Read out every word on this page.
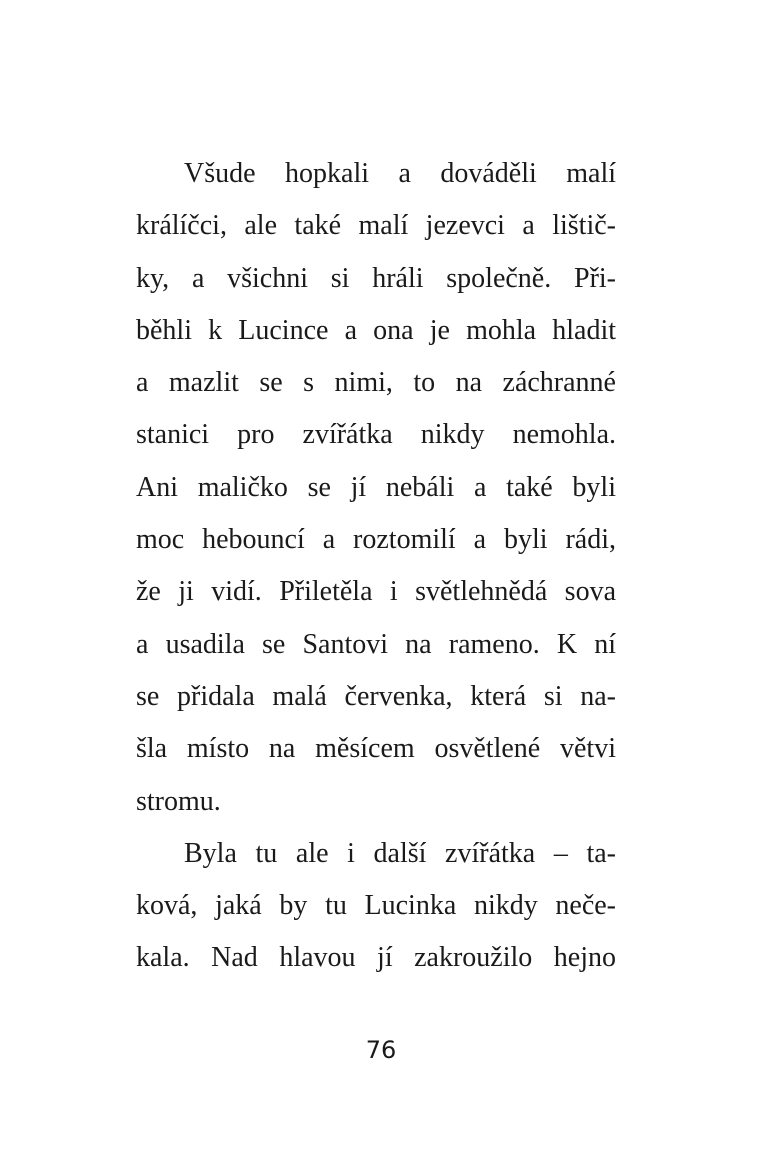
Všude hopkali a dováděli malí
králíčci, ale také malí jezevci a lištič-
ky, a všichni si hráli společně. Při-
běhli k Lucince a ona je mohla hladit
a mazlit se s nimi, to na záchranné
stanici pro zvířátka nikdy nemohla.
Ani maličko se jí nebáli a také byli
moc hebouncí a roztomilí a byli rádi,
že ji vidí. Přiletěla i světlehnědá sova
a usadila se Santovi na rameno. K ní
se přidala malá červenka, která si na-
šla místo na měsícem osvětlené větvi
stromu.
Byla tu ale i další zvířátka – ta-
ková, jaká by tu Lucinka nikdy neče-
kala. Nad hlavou jí zakroužilo hejno
76
